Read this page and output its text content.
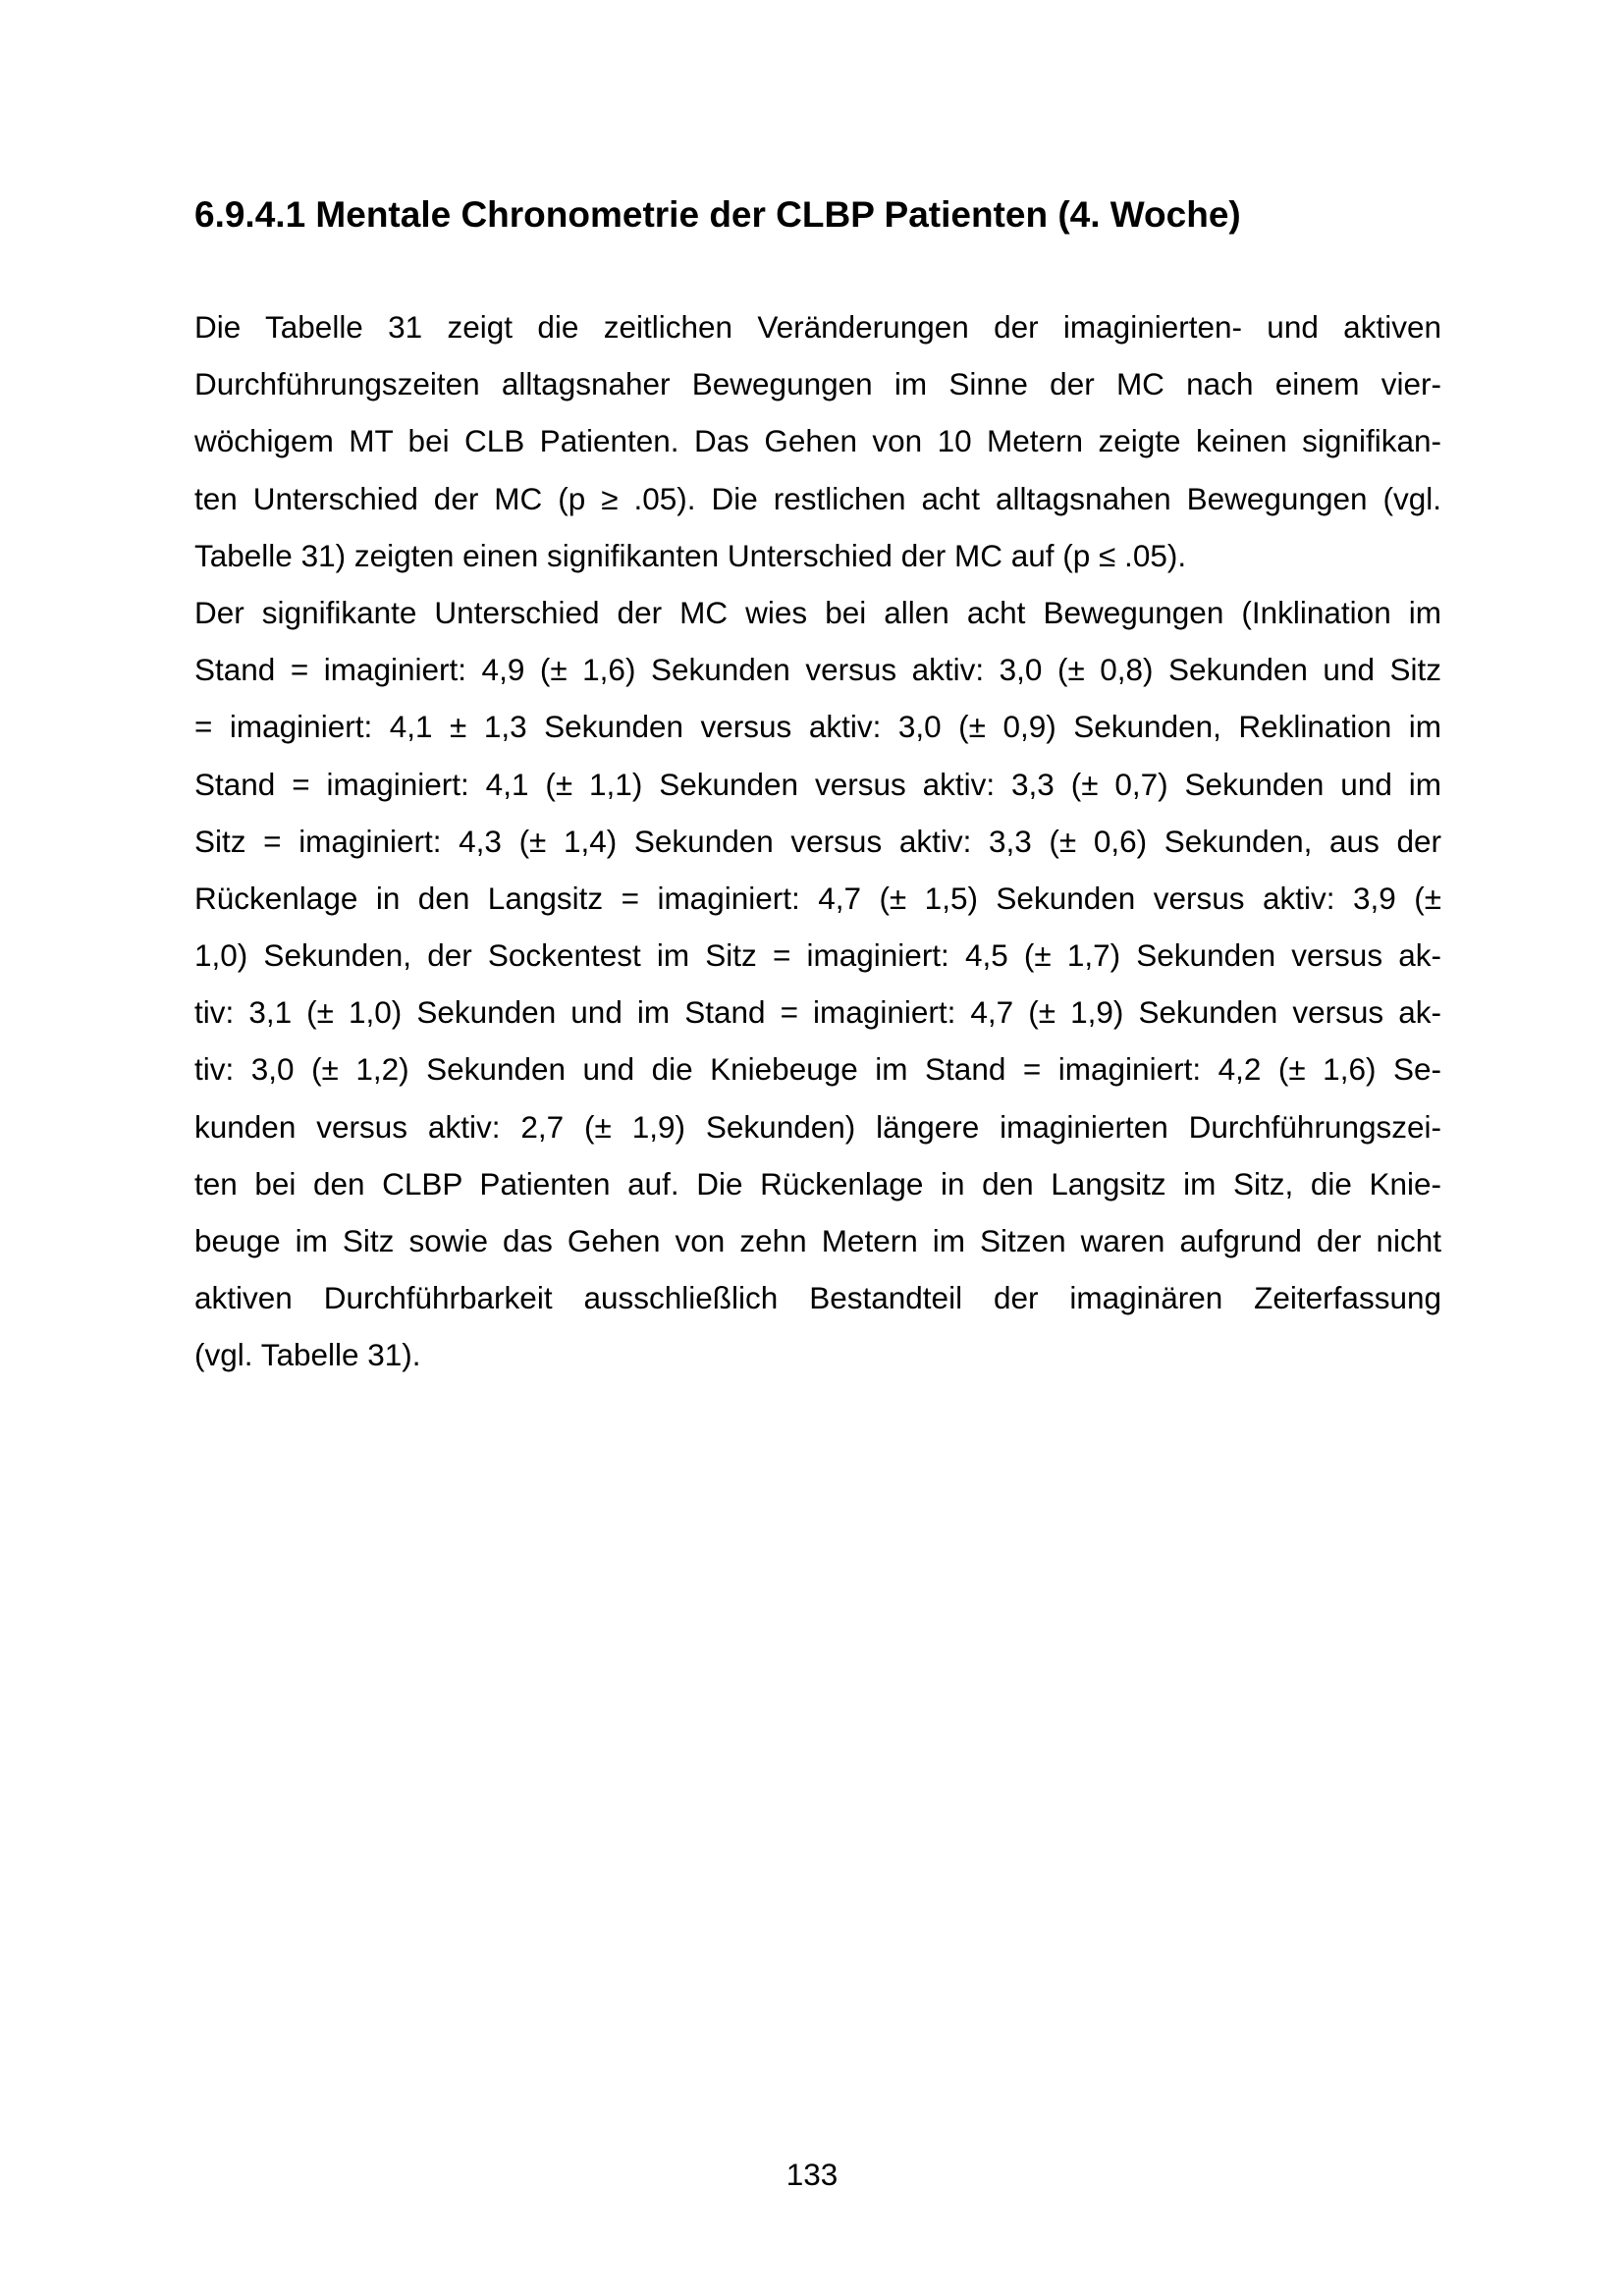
6.9.4.1 Mentale Chronometrie der CLBP Patienten (4. Woche)
Die Tabelle 31 zeigt die zeitlichen Veränderungen der imaginierten- und aktiven
Durchführungszeiten alltagsnaher Bewegungen im Sinne der MC nach einem vier-
wöchigem MT bei CLB Patienten. Das Gehen von 10 Metern zeigte keinen signifikan-
ten Unterschied der MC (p ≥ .05). Die restlichen acht alltagsnahen Bewegungen (vgl.
Tabelle 31) zeigten einen signifikanten Unterschied der MC auf (p ≤ .05).
Der signifikante Unterschied der MC wies bei allen acht Bewegungen (Inklination im
Stand = imaginiert: 4,9 (± 1,6) Sekunden versus aktiv: 3,0 (± 0,8) Sekunden und Sitz
= imaginiert: 4,1 ± 1,3 Sekunden versus aktiv: 3,0 (± 0,9) Sekunden, Reklination im
Stand = imaginiert: 4,1 (± 1,1) Sekunden versus aktiv: 3,3 (± 0,7) Sekunden und im
Sitz = imaginiert: 4,3 (± 1,4) Sekunden versus aktiv: 3,3 (± 0,6) Sekunden, aus der
Rückenlage in den Langsitz = imaginiert: 4,7 (± 1,5) Sekunden versus aktiv: 3,9 (±
1,0) Sekunden, der Sockentest im Sitz = imaginiert: 4,5 (± 1,7) Sekunden versus ak-
tiv: 3,1 (± 1,0) Sekunden und im Stand = imaginiert: 4,7 (± 1,9) Sekunden versus ak-
tiv: 3,0 (± 1,2) Sekunden und die Kniebeuge im Stand = imaginiert: 4,2 (± 1,6) Se-
kunden versus aktiv: 2,7 (± 1,9) Sekunden) längere imaginierten Durchführungszei-
ten bei den CLBP Patienten auf. Die Rückenlage in den Langsitz im Sitz, die Knie-
beuge im Sitz sowie das Gehen von zehn Metern im Sitzen waren aufgrund der nicht
aktiven Durchführbarkeit ausschließlich Bestandteil der imaginären Zeiterfassung
(vgl. Tabelle 31).
133
